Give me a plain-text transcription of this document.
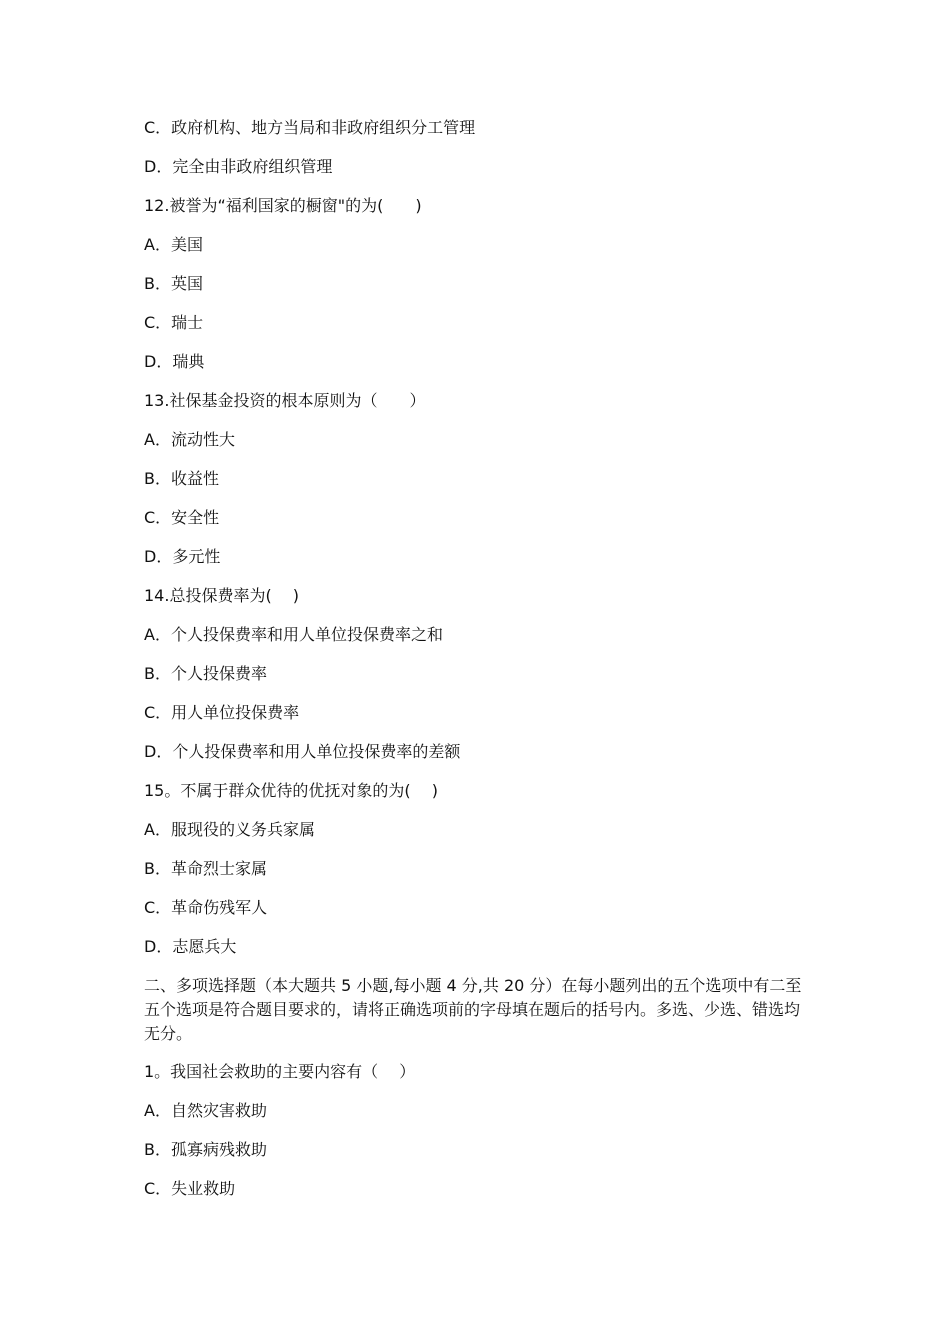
C．政府机构、地方当局和非政府组织分工管理
D．完全由非政府组织管理
12.被誉为“福利国家的橱窗"的为(　　)
A．美国
B．英国
C．瑞士
D．瑞典
13.社保基金投资的根本原则为（　　）
A．流动性大
B．收益性
C．安全性
D．多元性
14.总投保费率为(　 )
A．个人投保费率和用人单位投保费率之和
B．个人投保费率
C．用人单位投保费率
D．个人投保费率和用人单位投保费率的差额
15。不属于群众优待的优抚对象的为(　 )
A．服现役的义务兵家属
B．革命烈士家属
C．革命伤残军人
D．志愿兵大
二、多项选择题（本大题共 5 小题,每小题 4 分,共 20 分）在每小题列出的五个选项中有二至五个选项是符合题目要求的，请将正确选项前的字母填在题后的括号内。多选、少选、错选均无分。
1。我国社会救助的主要内容有（　 ）
A．自然灾害救助
B．孤寡病残救助
C．失业救助
